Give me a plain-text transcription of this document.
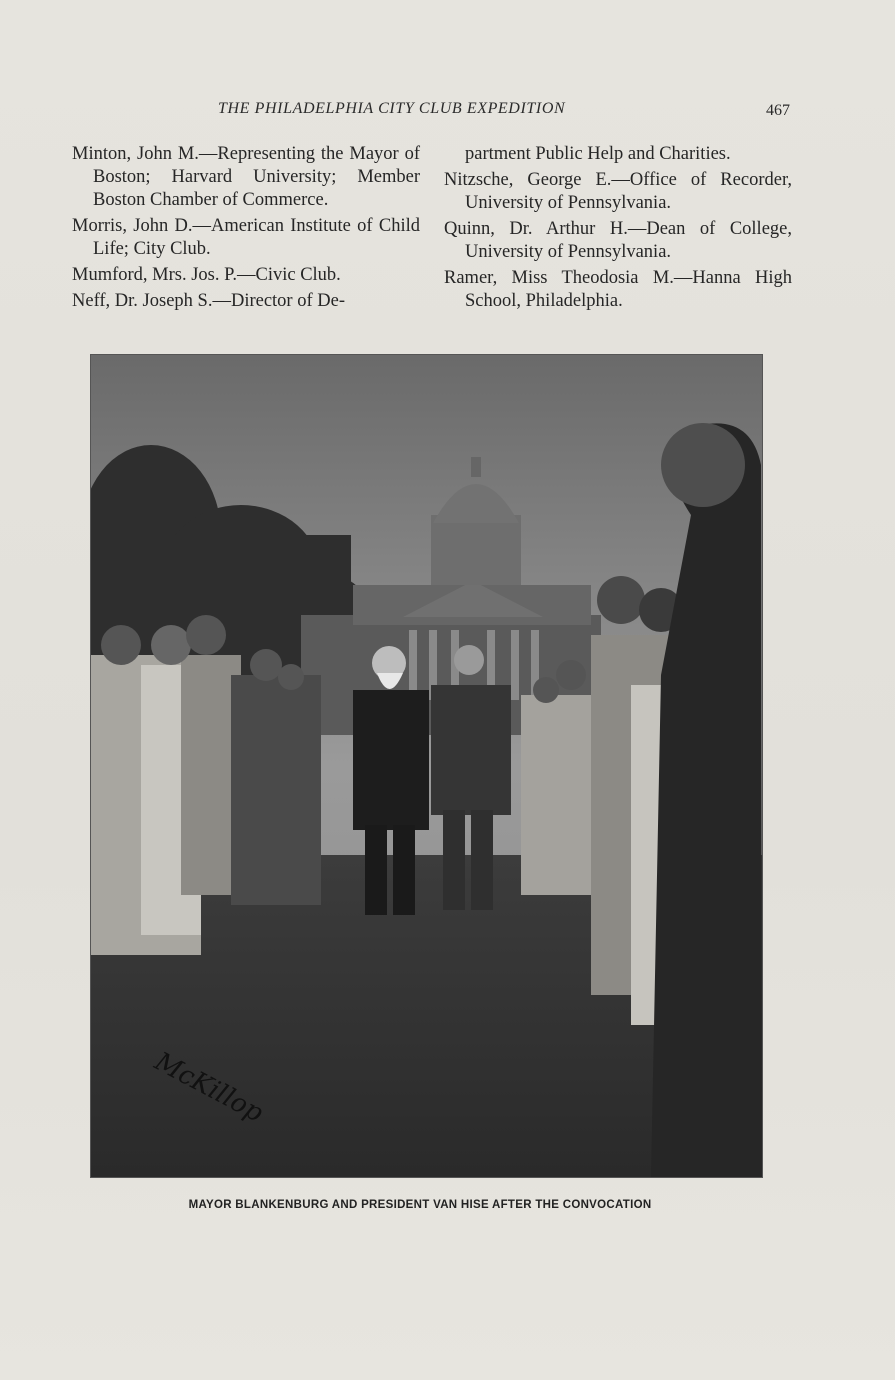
THE PHILADELPHIA CITY CLUB EXPEDITION	467

Minton, John M.—Representing the Mayor of Boston; Harvard University; Member Boston Chamber of Commerce.

Morris, John D.—American Institute of Child Life; City Club.

Mumford, Mrs. Jos. P.—Civic Club.

Neff, Dr. Joseph S.—Director of De-

partment Public Help and Charities.

Nitzsche, George E.—Office of Recorder, University of Pennsylvania.

Quinn, Dr. Arthur H.—Dean of College, University of Pennsylvania.

Ramer, Miss Theodosia M.—Hanna High School, Philadelphia.

McKillop
MAYOR BLANKENBURG AND PRESIDENT VAN HISE AFTER THE CONVOCATION
